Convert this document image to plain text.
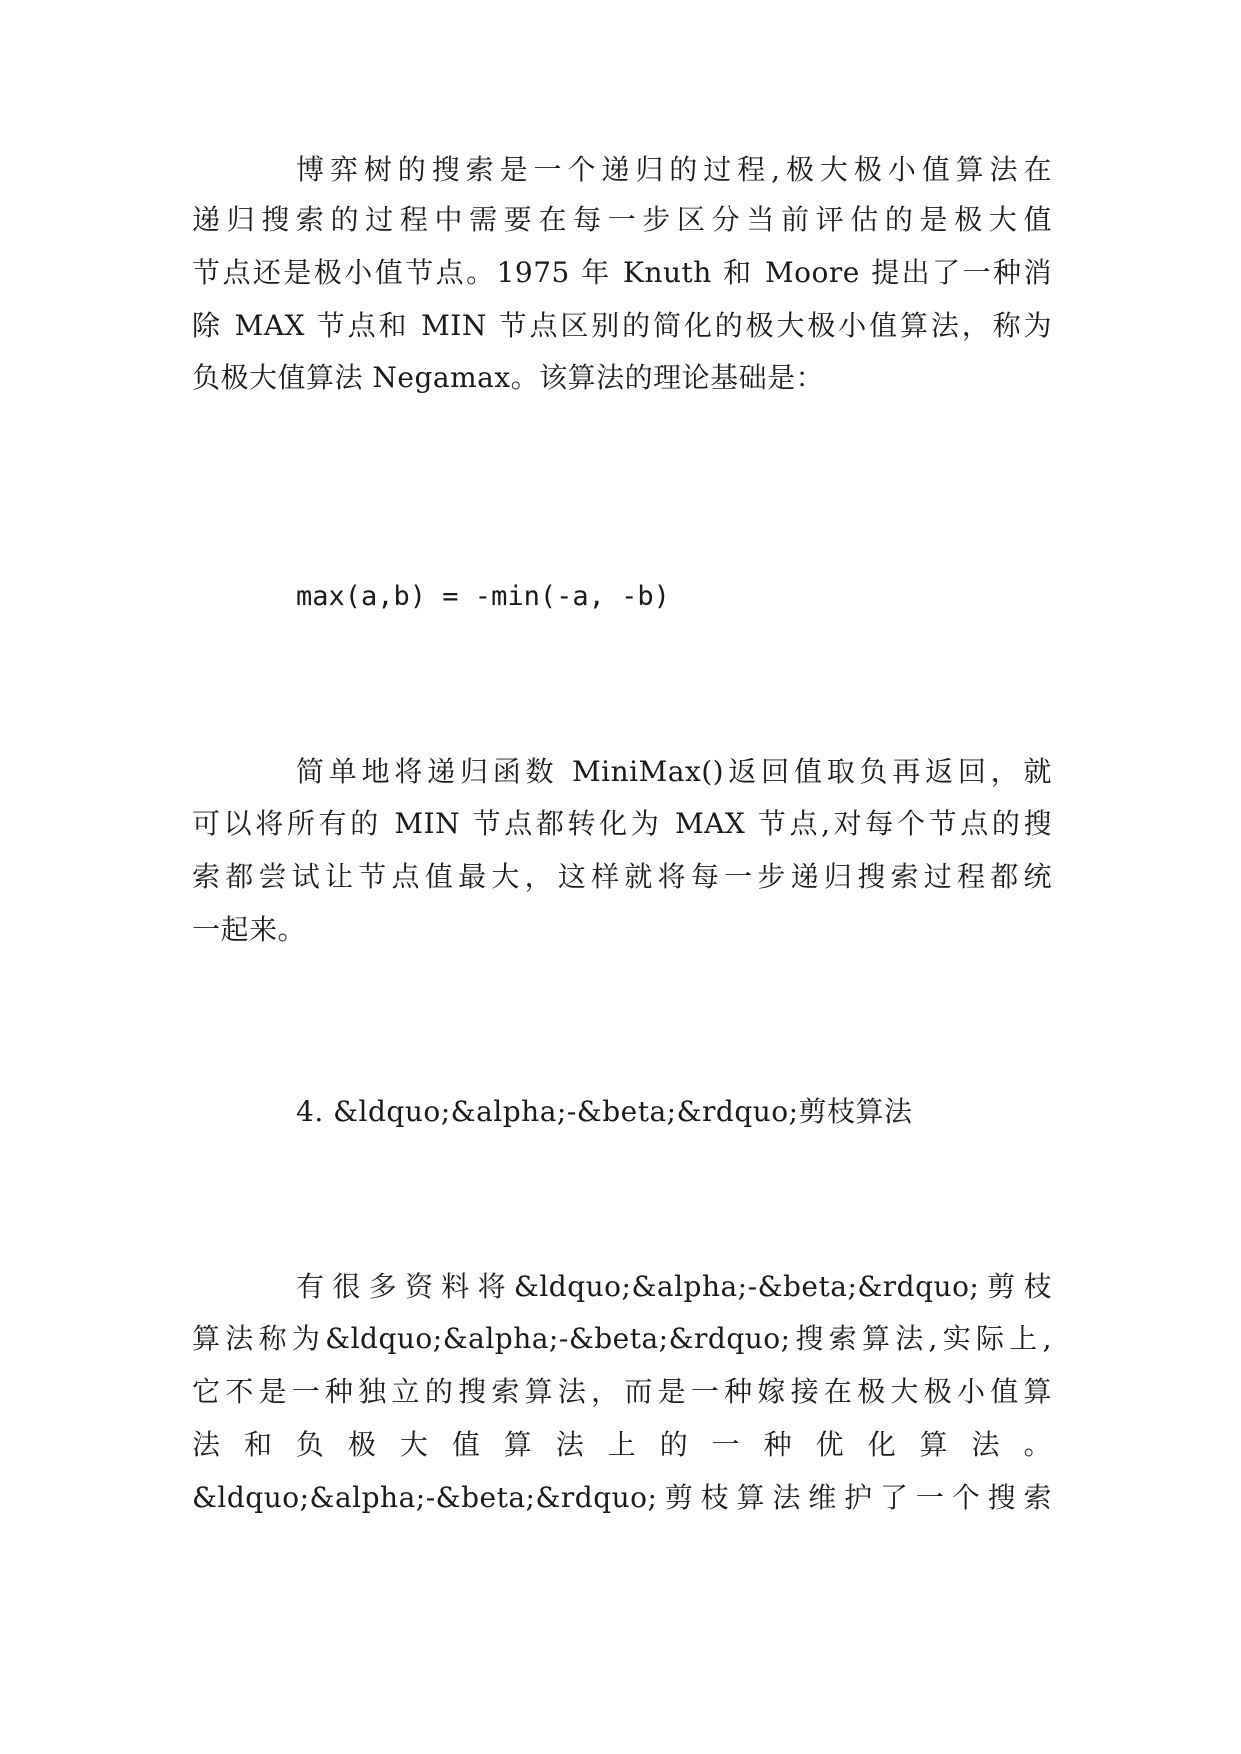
博弈树的搜索是一个递归的过程,极大极小值算法在
递归搜索的过程中需要在每一步区分当前评估的是极大值
节点还是极小值节点。1975 年 Knuth 和 Moore 提出了一种消
除 MAX 节点和 MIN 节点区别的简化的极大极小值算法，称为
负极大值算法 Negamax。该算法的理论基础是：
max(a,b) = -min(-a, -b)
简单地将递归函数 MiniMax()返回值取负再返回，就
可以将所有的 MIN 节点都转化为 MAX 节点,对每个节点的搜
索都尝试让节点值最大，这样就将每一步递归搜索过程都统
一起来。
4. &ldquo;&alpha;-&beta;&rdquo;剪枝算法
有很多资料将&ldquo;&alpha;-&beta;&rdquo;剪枝
算法称为&ldquo;&alpha;-&beta;&rdquo;搜索算法,实际上,
它不是一种独立的搜索算法，而是一种嫁接在极大极小值算
法 和 负 极 大 值 算 法 上 的 一 种 优 化 算 法 。
&ldquo;&alpha;-&beta;&rdquo;剪枝算法维护了一个搜索
